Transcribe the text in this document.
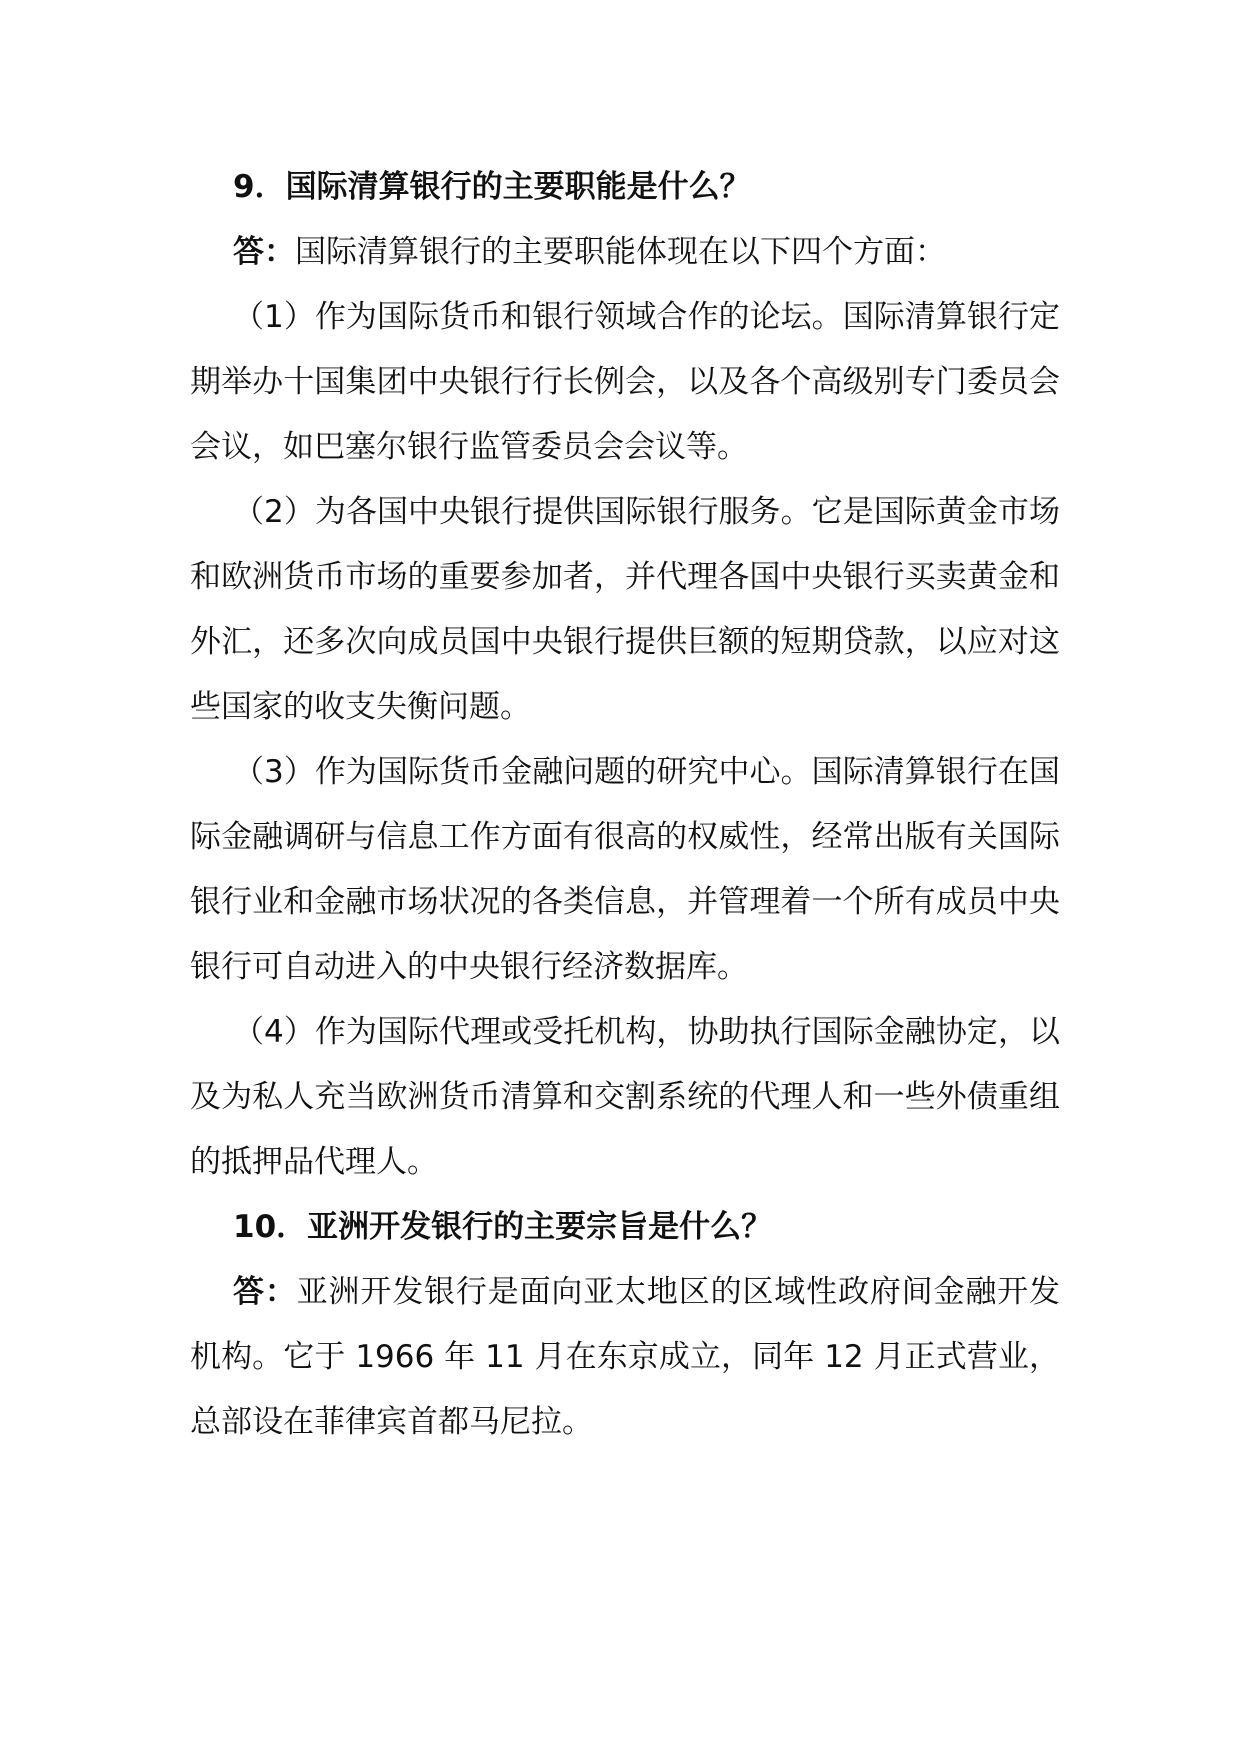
9．国际清算银行的主要职能是什么？

答：国际清算银行的主要职能体现在以下四个方面：

（1）作为国际货币和银行领域合作的论坛。国际清算银行定期举办十国集团中央银行行长例会，以及各个高级别专门委员会会议，如巴塞尔银行监管委员会会议等。

（2）为各国中央银行提供国际银行服务。它是国际黄金市场和欧洲货币市场的重要参加者，并代理各国中央银行买卖黄金和外汇，还多次向成员国中央银行提供巨额的短期贷款，以应对这些国家的收支失衡问题。

（3）作为国际货币金融问题的研究中心。国际清算银行在国际金融调研与信息工作方面有很高的权威性，经常出版有关国际银行业和金融市场状况的各类信息，并管理着一个所有成员中央银行可自动进入的中央银行经济数据库。

（4）作为国际代理或受托机构，协助执行国际金融协定，以及为私人充当欧洲货币清算和交割系统的代理人和一些外债重组的抵押品代理人。

10．亚洲开发银行的主要宗旨是什么？

答：亚洲开发银行是面向亚太地区的区域性政府间金融开发机构。它于 1966 年 11 月在东京成立，同年 12 月正式营业，总部设在菲律宾首都马尼拉。
